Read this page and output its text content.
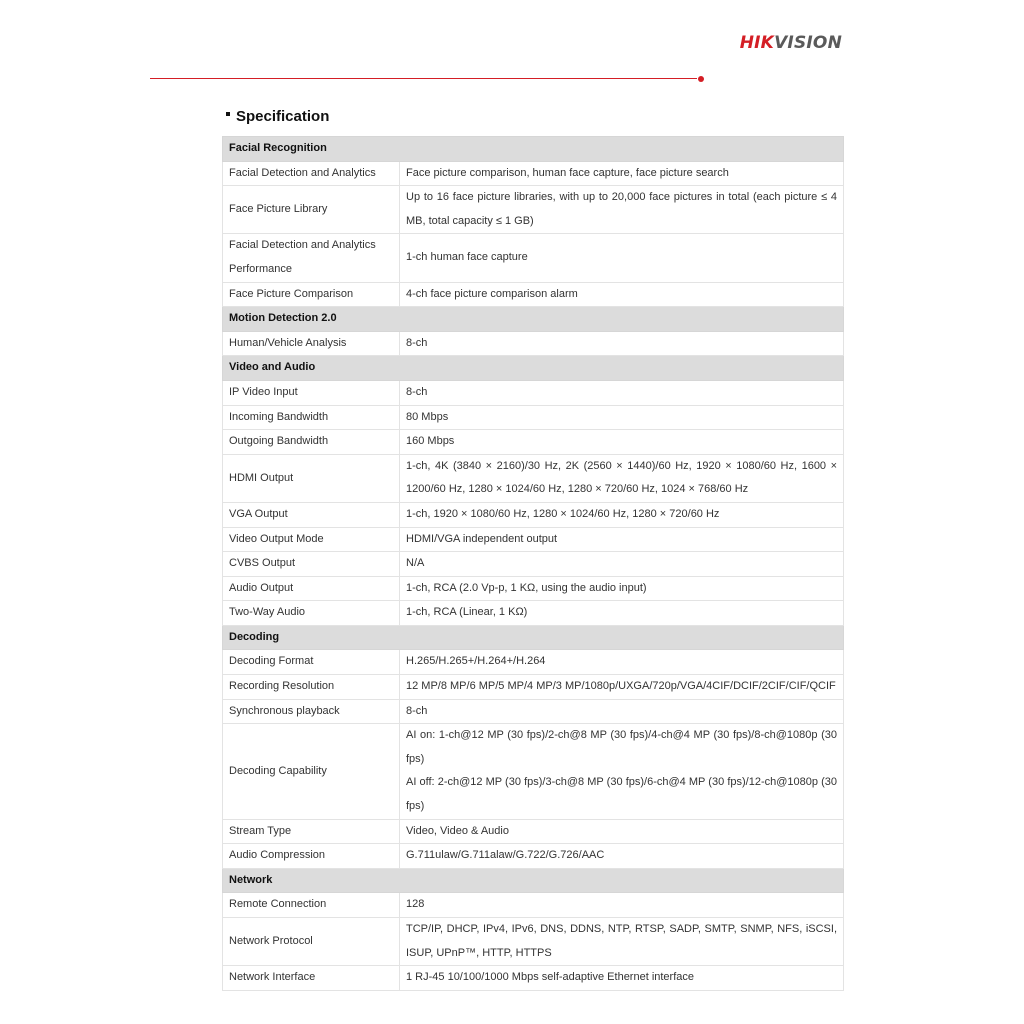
HIKVISION
Specification
Facial Recognition	
Facial Detection and Analytics	Face picture comparison, human face capture, face picture search

Face Picture Library	Up to 16 face picture libraries, with up to 20,000 face pictures in total (each picture ≤ 4 MB, total capacity ≤ 1 GB)

Facial Detection and Analytics Performance	1-ch human face capture

Face Picture Comparison	4-ch face picture comparison alarm

Motion Detection 2.0	
Human/Vehicle Analysis	8-ch

Video and Audio	
IP Video Input	8-ch

Incoming Bandwidth	80 Mbps

Outgoing Bandwidth	160 Mbps

HDMI Output	1-ch, 4K (3840 × 2160)/30 Hz, 2K (2560 × 1440)/60 Hz, 1920 × 1080/60 Hz, 1600 × 1200/60 Hz, 1280 × 1024/60 Hz, 1280 × 720/60 Hz, 1024 × 768/60 Hz

VGA Output	1-ch, 1920 × 1080/60 Hz, 1280 × 1024/60 Hz, 1280 × 720/60 Hz

Video Output Mode	HDMI/VGA independent output

CVBS Output	N/A

Audio Output	1-ch, RCA (2.0 Vp-p, 1 KΩ, using the audio input)

Two-Way Audio	1-ch, RCA (Linear, 1 KΩ)

Decoding	
Decoding Format	H.265/H.265+/H.264+/H.264

Recording Resolution	12 MP/8 MP/6 MP/5 MP/4 MP/3 MP/1080p/UXGA/720p/VGA/4CIF/DCIF/2CIF/CIF/QCIF

Synchronous playback	8-ch

Decoding Capability	AI on: 1-ch@12 MP (30 fps)/2-ch@8 MP (30 fps)/4-ch@4 MP (30 fps)/8-ch@1080p (30 fps)
AI off: 2-ch@12 MP (30 fps)/3-ch@8 MP (30 fps)/6-ch@4 MP (30 fps)/12-ch@1080p (30 fps)

Stream Type	Video, Video & Audio

Audio Compression	G.711ulaw/G.711alaw/G.722/G.726/AAC

Network	
Remote Connection	128

Network Protocol	TCP/IP, DHCP, IPv4, IPv6, DNS, DDNS, NTP, RTSP, SADP, SMTP, SNMP, NFS, iSCSI, ISUP, UPnP™, HTTP, HTTPS

Network Interface	1 RJ-45 10/100/1000 Mbps self-adaptive Ethernet interface
